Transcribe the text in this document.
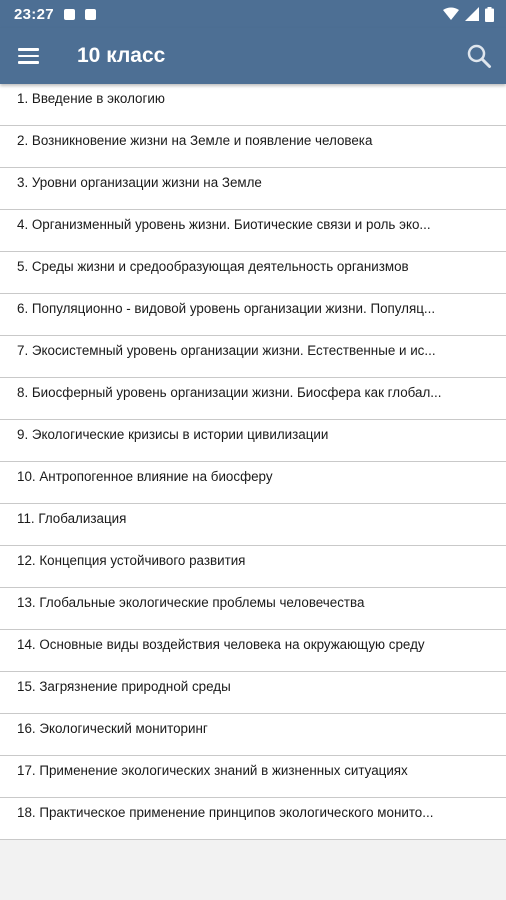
23:27
10 класс
1. Введение в экологию
2. Возникновение жизни на Земле и появление человека
3. Уровни организации жизни на Земле
4. Организменный уровень жизни. Биотические связи и роль эко...
5. Среды жизни и средообразующая деятельность организмов
6. Популяционно - видовой уровень организации жизни. Популяц...
7. Экосистемный уровень организации жизни. Естественные и ис...
8. Биосферный уровень организации жизни. Биосфера как глобал...
9. Экологические кризисы в истории цивилизации
10. Антропогенное влияние на биосферу
11. Глобализация
12. Концепция устойчивого развития
13. Глобальные экологические проблемы человечества
14. Основные виды воздействия человека на окружающую среду
15. Загрязнение природной среды
16. Экологический мониторинг
17. Применение экологических знаний в жизненных ситуациях
18. Практическое применение принципов экологического монито...
